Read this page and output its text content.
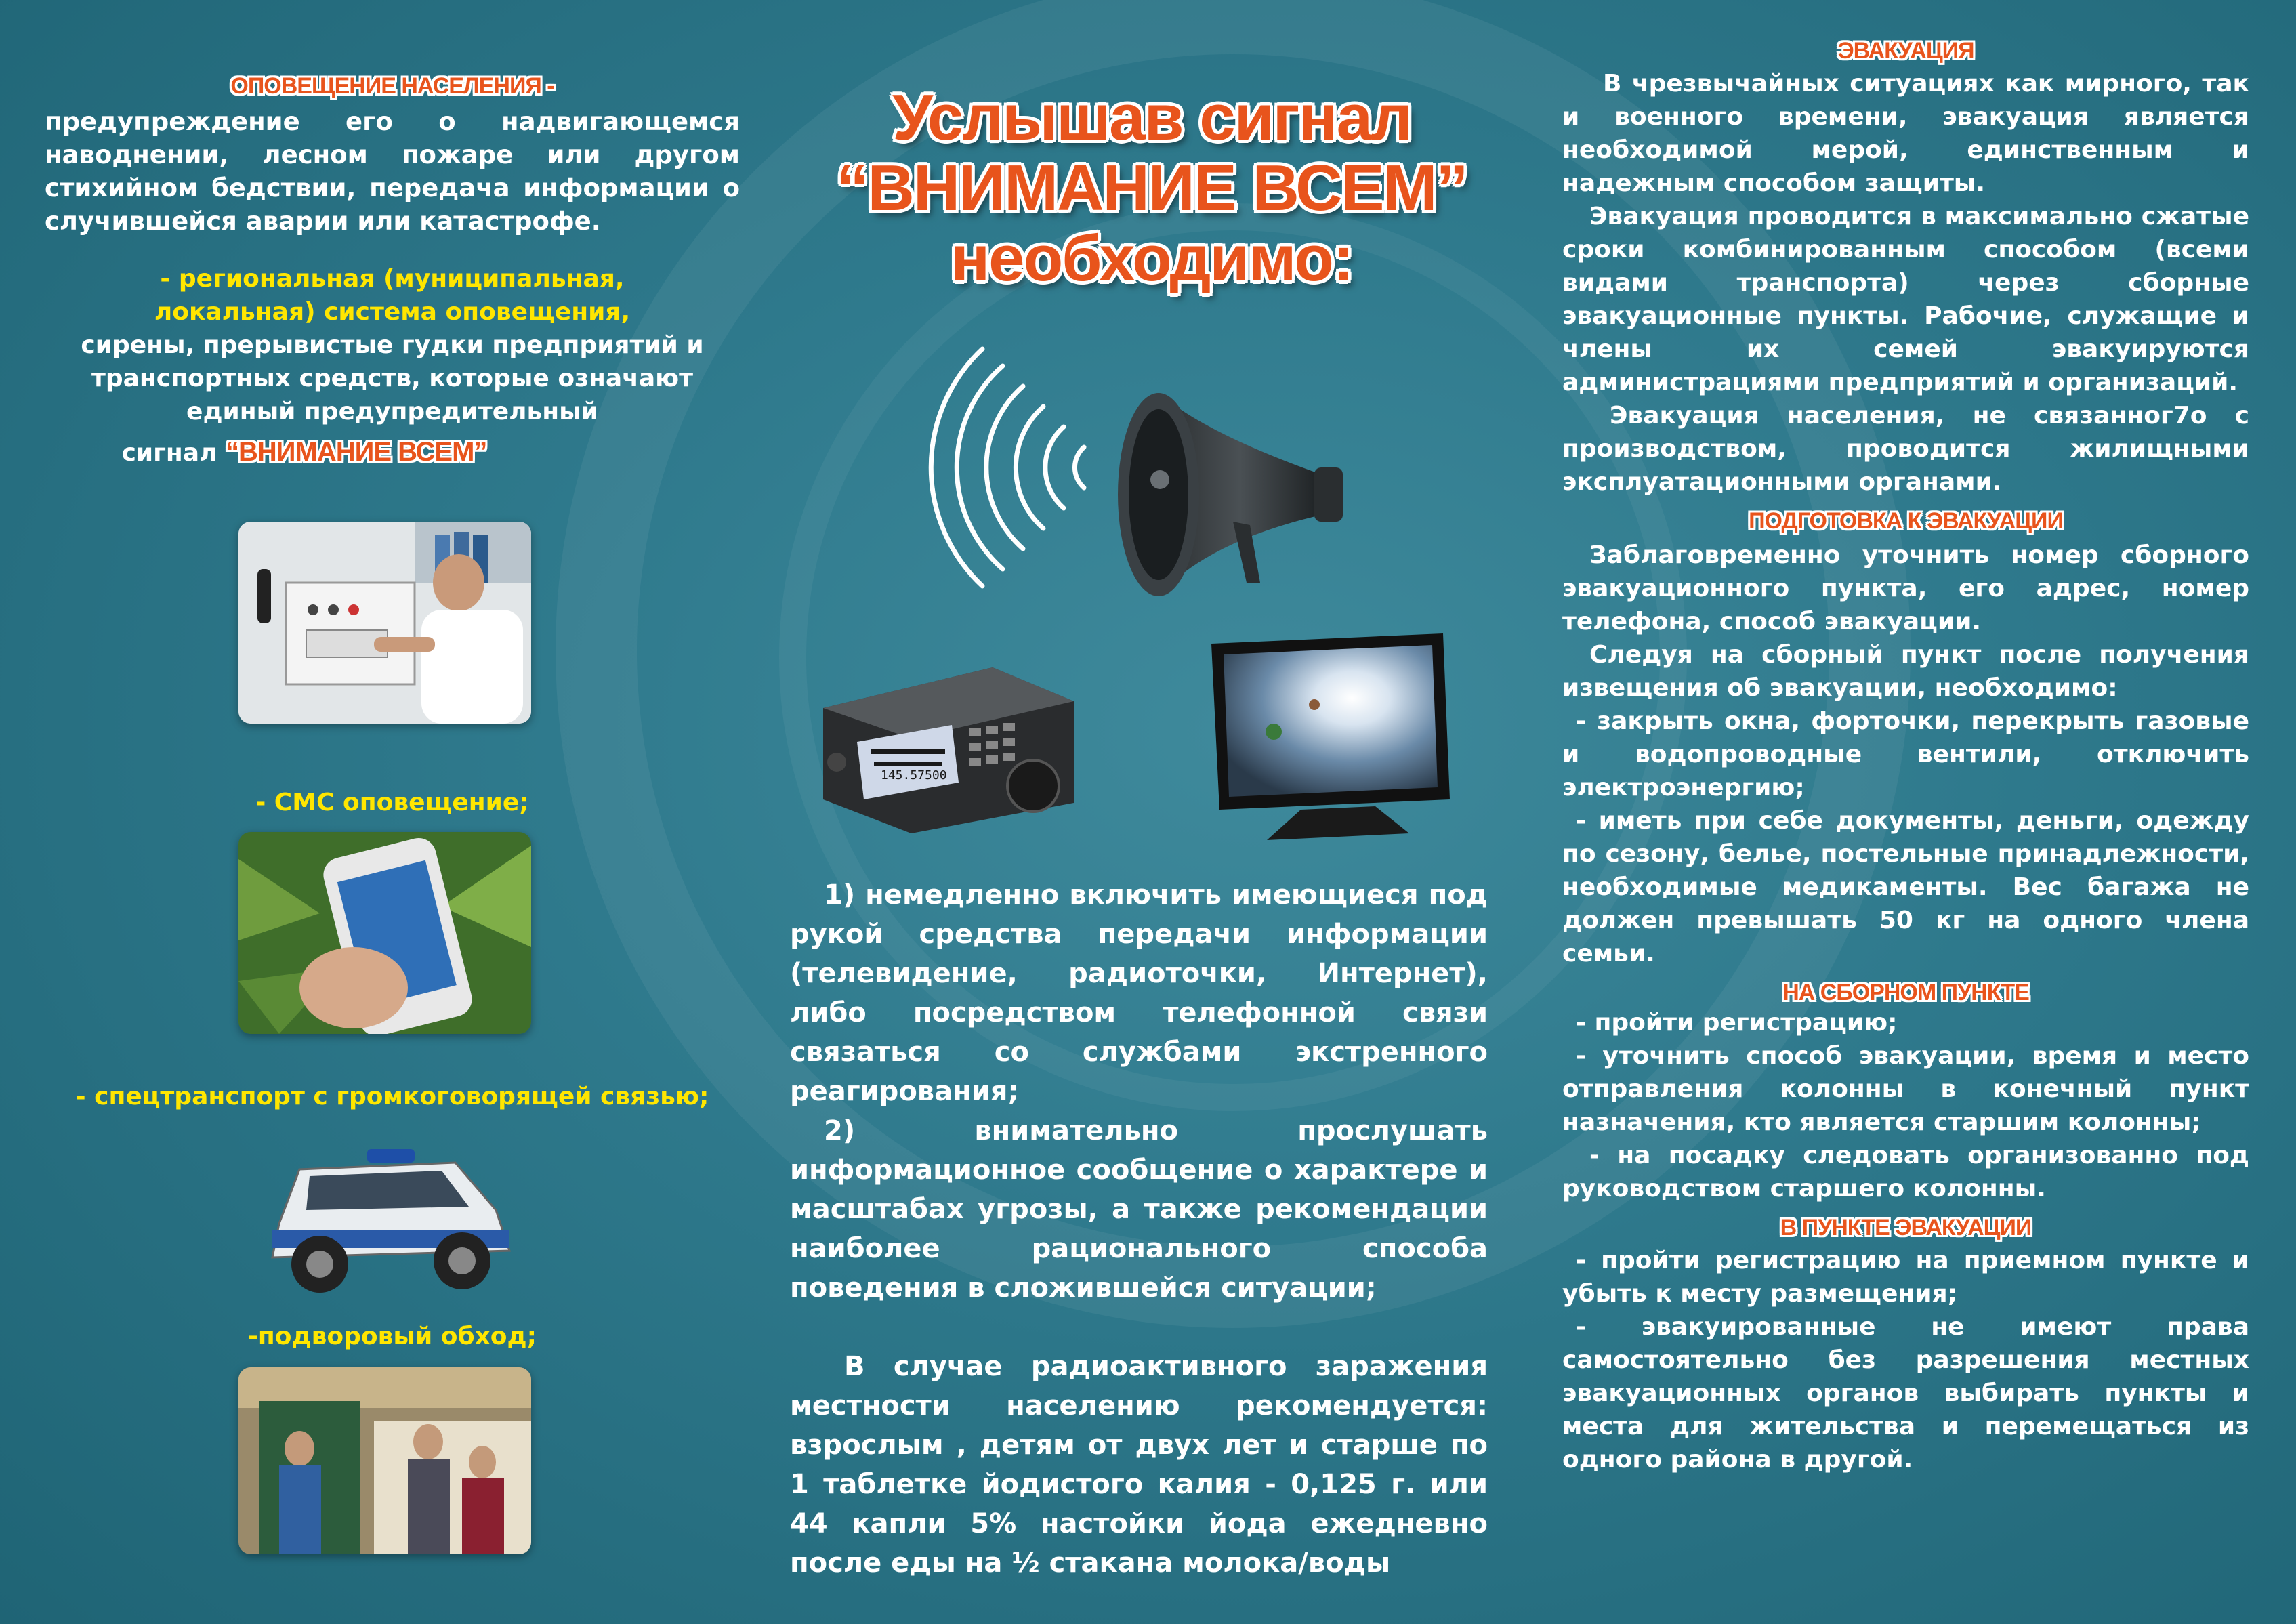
ОПОВЕЩЕНИЕ НАСЕЛЕНИЯ -
предупреждение его о надвигающемся наводнении, лесном пожаре или другом стихийном бедствии, передача информации о случившейся аварии или катастрофе.
- региональная (муниципальная, локальная) система оповещения,
сирены, прерывистые гудки предприятий и транспортных средств, которые означают единый предупредительный
сигнал “ВНИМАНИЕ ВСЕМ”
- СМС оповещение;
- спецтранспорт с громкоговорящей связью;
-подворовый обход;
Услышав сигнал
“ВНИМАНИЕ ВСЕМ”
необходимо:
145.57500
1) немедленно включить имеющиеся под рукой средства передачи информации (телевидение, радиоточки, Интернет), либо посредством телефонной связи связаться со службами экстренного реагирования;
2) внимательно прослушать информационное сообщение о характере и масштабах угрозы, а также рекомендации наиболее рационального способа поведения в сложившейся ситуации;
В случае радиоактивного заражения местности населению рекомендуется: взрослым , детям от двух лет и старше по 1 таблетке йодистого калия - 0,125 г. или 44 капли 5% настойки йода ежедневно после еды на ½ стакана молока/воды
ЭВАКУАЦИЯ
В чрезвычайных ситуациях как мирного, так и военного времени, эвакуация является необходимой мерой, единственным и надежным способом защиты.
Эвакуация проводится в максимально сжатые сроки комбинированным способом (всеми видами транспорта) через сборные эвакуационные пункты. Рабочие, служащие и члены их семей эвакуируются администрациями предприятий и организаций.
Эвакуация населения, не связанног7о с производством, проводится жилищными эксплуатационными органами.
ПОДГОТОВКА К ЭВАКУАЦИИ
Заблаговременно уточнить номер сборного эвакуационного пункта, его адрес, номер телефона, способ эвакуации.
Следуя на сборный пункт после получения извещения об эвакуации, необходимо:
- закрыть окна, форточки, перекрыть газовые и водопроводные вентили, отключить электроэнергию;
- иметь при себе документы, деньги, одежду по сезону, белье, постельные принадлежности, необходимые медикаменты. Вес багажа не должен превышать 50 кг на одного члена семьи.
НА СБОРНОМ ПУНКТЕ
- пройти регистрацию;
- уточнить способ эвакуации, время и место отправления колонны в конечный пункт назначения, кто является старшим колонны;
- на посадку следовать организованно под руководством старшего колонны.
В ПУНКТЕ ЭВАКУАЦИИ
- пройти регистрацию на приемном пункте и убыть к месту размещения;
- эвакуированные не имеют права самостоятельно без разрешения местных эвакуационных органов выбирать пункты и места для жительства и перемещаться из одного района в другой.
